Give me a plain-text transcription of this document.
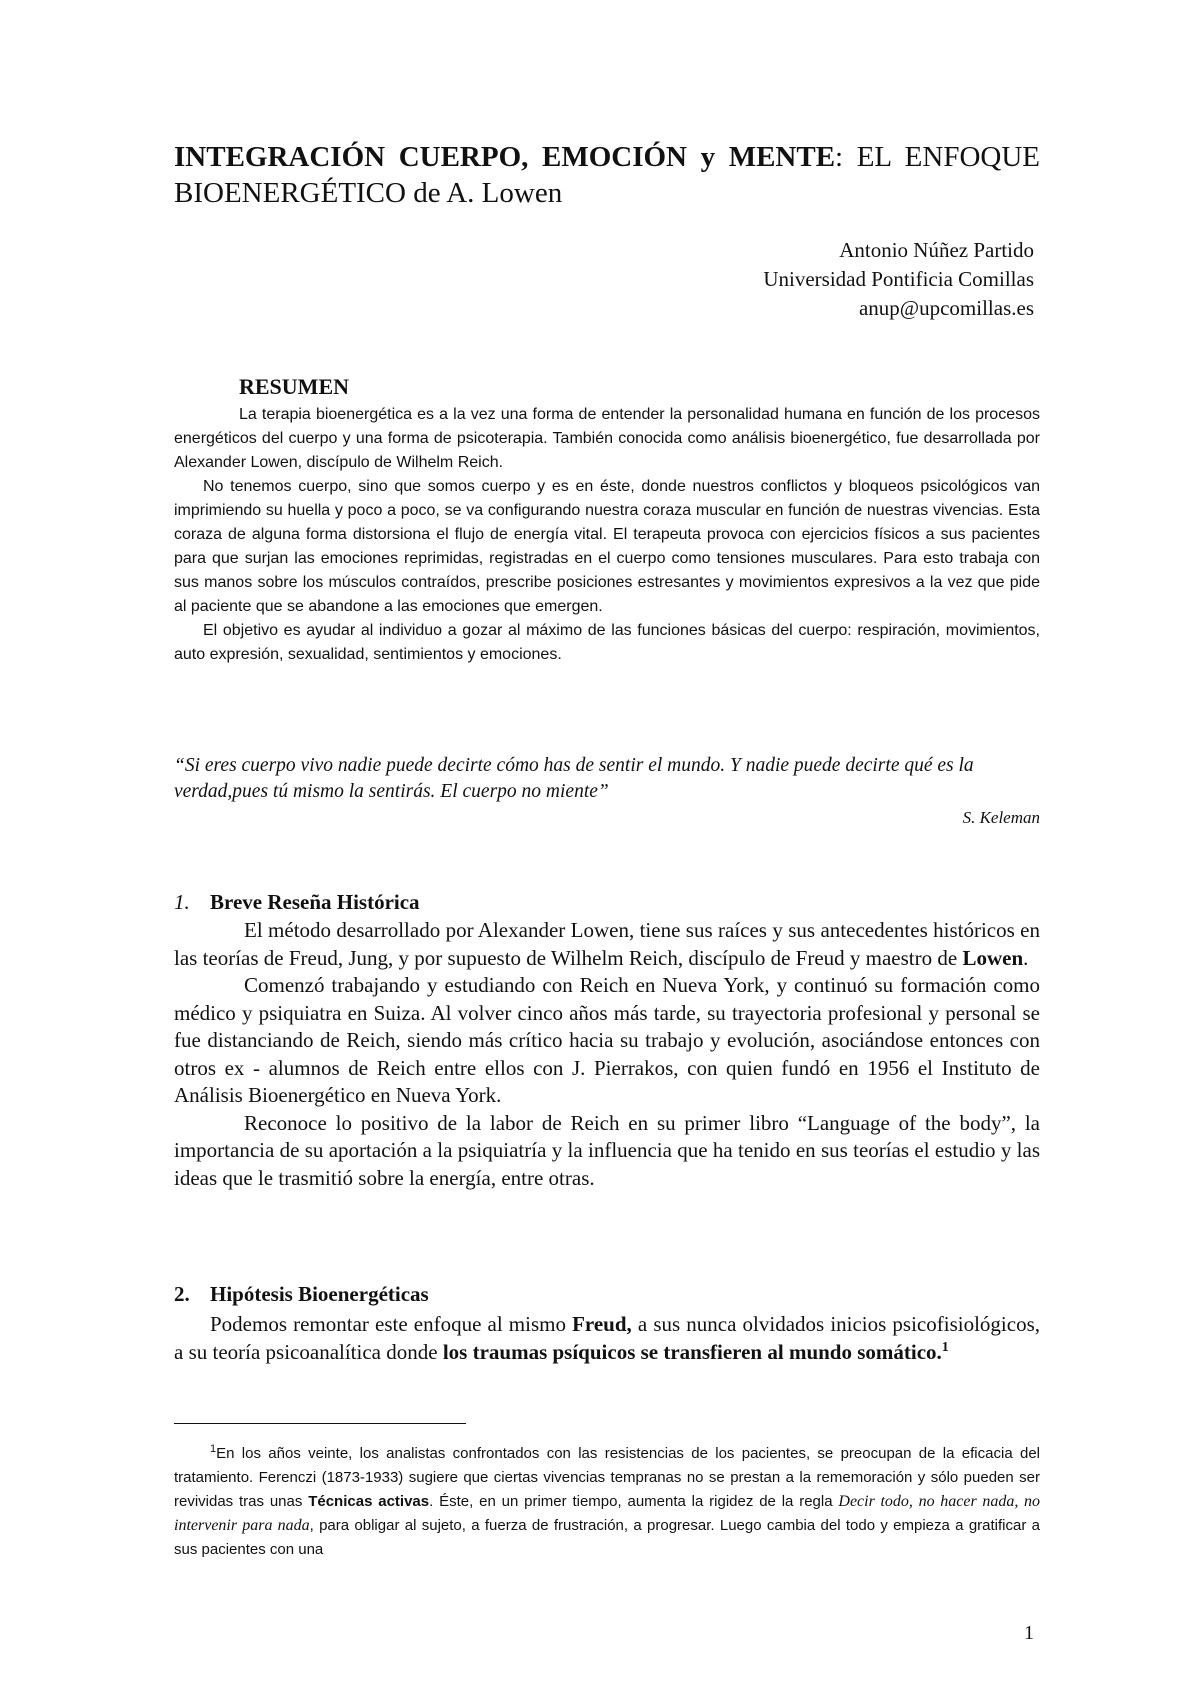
INTEGRACIÓN CUERPO, EMOCIÓN y MENTE: EL ENFOQUE
BIOENERGÉTICO de A. Lowen
Antonio Núñez Partido
Universidad Pontificia Comillas
anup@upcomillas.es
RESUMEN

La terapia bioenergética es a la vez una forma de entender la personalidad humana en función de los procesos energéticos del cuerpo y una forma de psicoterapia. También conocida como análisis bioenergético, fue desarrollada por Alexander Lowen, discípulo de Wilhelm Reich.

No tenemos cuerpo, sino que somos cuerpo y es en éste, donde nuestros conflictos y bloqueos psicológicos van imprimiendo su huella y poco a poco, se va configurando nuestra coraza muscular en función de nuestras vivencias. Esta coraza de alguna forma distorsiona el flujo de energía vital. El terapeuta provoca con ejercicios físicos a sus pacientes para que surjan las emociones reprimidas, registradas en el cuerpo como tensiones musculares. Para esto trabaja con sus manos sobre los músculos contraídos, prescribe posiciones estresantes y movimientos expresivos a la vez que pide al paciente que se abandone a las emociones que emergen.

El objetivo es ayudar al individuo a gozar al máximo de las funciones básicas del cuerpo: respiración, movimientos, auto expresión, sexualidad, sentimientos y emociones.

“Si eres cuerpo vivo nadie puede decirte cómo has de sentir el mundo. Y nadie puede decirte qué es la verdad,pues tú mismo la sentirás. El cuerpo no miente”
S. Keleman
1. Breve Reseña Histórica

El método desarrollado por Alexander Lowen, tiene sus raíces y sus antecedentes históricos en las teorías de Freud, Jung, y por supuesto de Wilhelm Reich, discípulo de Freud y maestro de Lowen.

Comenzó trabajando y estudiando con Reich en Nueva York, y continuó su formación como médico y psiquiatra en Suiza. Al volver cinco años más tarde, su trayectoria profesional y personal se fue distanciando de Reich, siendo más crítico hacia su trabajo y evolución, asociándose entonces con otros ex - alumnos de Reich entre ellos con J. Pierrakos, con quien fundó en 1956 el Instituto de Análisis Bioenergético en Nueva York.

Reconoce lo positivo de la labor de Reich en su primer libro “Language of the body”, la importancia de su aportación a la psiquiatría y la influencia que ha tenido en sus teorías el estudio y las ideas que le trasmitió sobre la energía, entre otras.

2. Hipótesis Bioenergéticas

Podemos remontar este enfoque al mismo Freud, a sus nunca olvidados inicios psicofisiológicos, a su teoría psicoanalítica donde los traumas psíquicos se transfieren al mundo somático.$^1$

$^1$En los años veinte, los analistas confrontados con las resistencias de los pacientes, se preocupan de la eficacia del tratamiento. Ferenczi (1873-1933) sugiere que ciertas vivencias tempranas no se prestan a la rememoración y sólo pueden ser revividas tras unas Técnicas activas. Éste, en un primer tiempo, aumenta la rigidez de la regla Decir todo, no hacer nada, no intervenir para nada, para obligar al sujeto, a fuerza de frustración, a progresar. Luego cambia del todo y empieza a gratificar a sus pacientes con una

1
